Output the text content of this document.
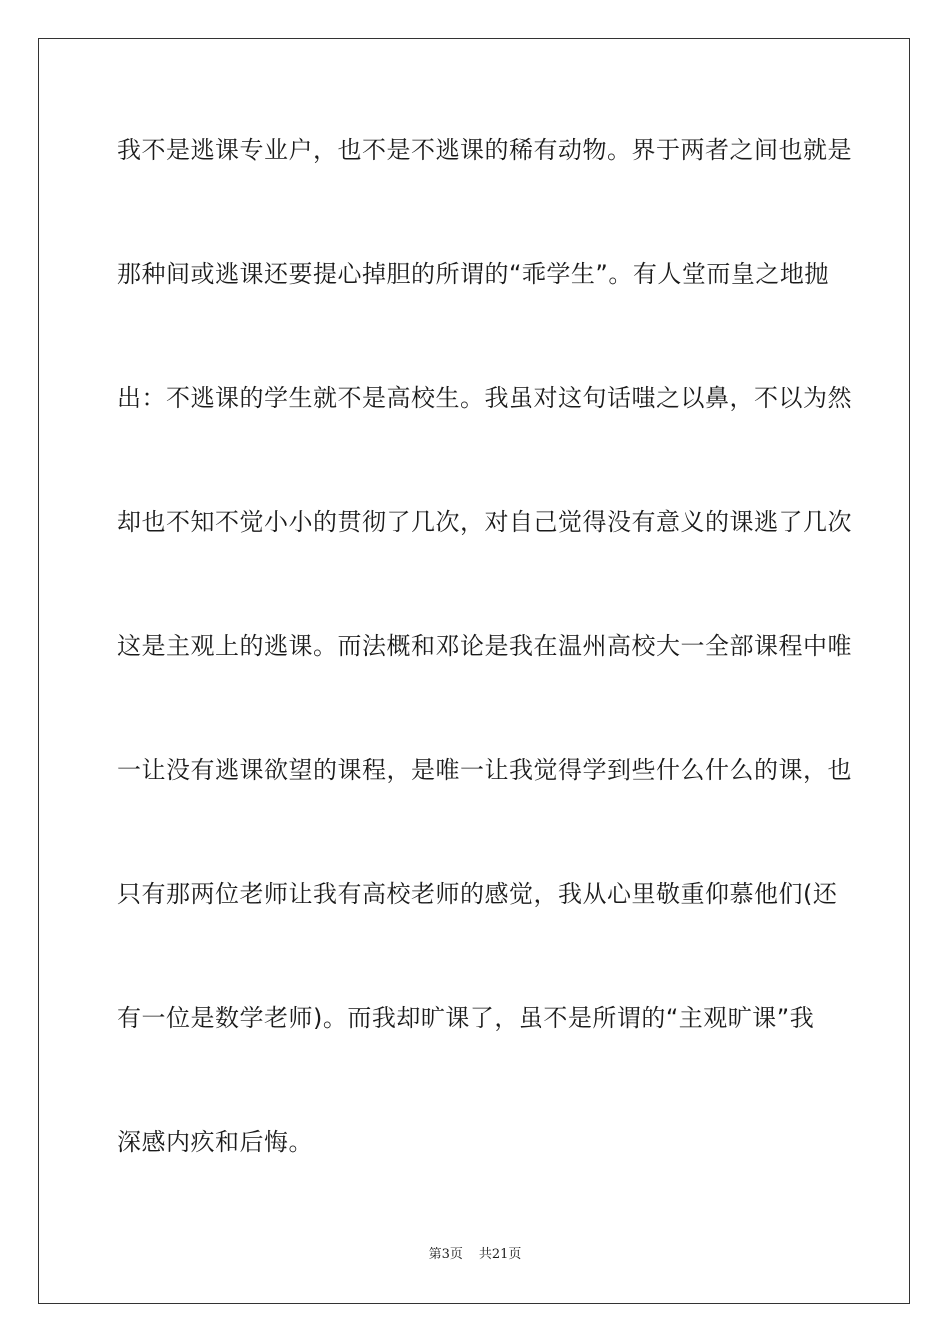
我不是逃课专业户，也不是不逃课的稀有动物。界于两者之间也就是
那种间或逃课还要提心掉胆的所谓的“乖学生”。有人堂而皇之地抛
出：不逃课的学生就不是高校生。我虽对这句话嗤之以鼻，不以为然
却也不知不觉小小的贯彻了几次，对自己觉得没有意义的课逃了几次
这是主观上的逃课。而法概和邓论是我在温州高校大一全部课程中唯
一让没有逃课欲望的课程，是唯一让我觉得学到些什么什么的课，也
只有那两位老师让我有高校老师的感觉，我从心里敬重仰慕他们(还
有一位是数学老师)。而我却旷课了，虽不是所谓的“主观旷课”我
深感内疚和后悔。
第3页 共21页
